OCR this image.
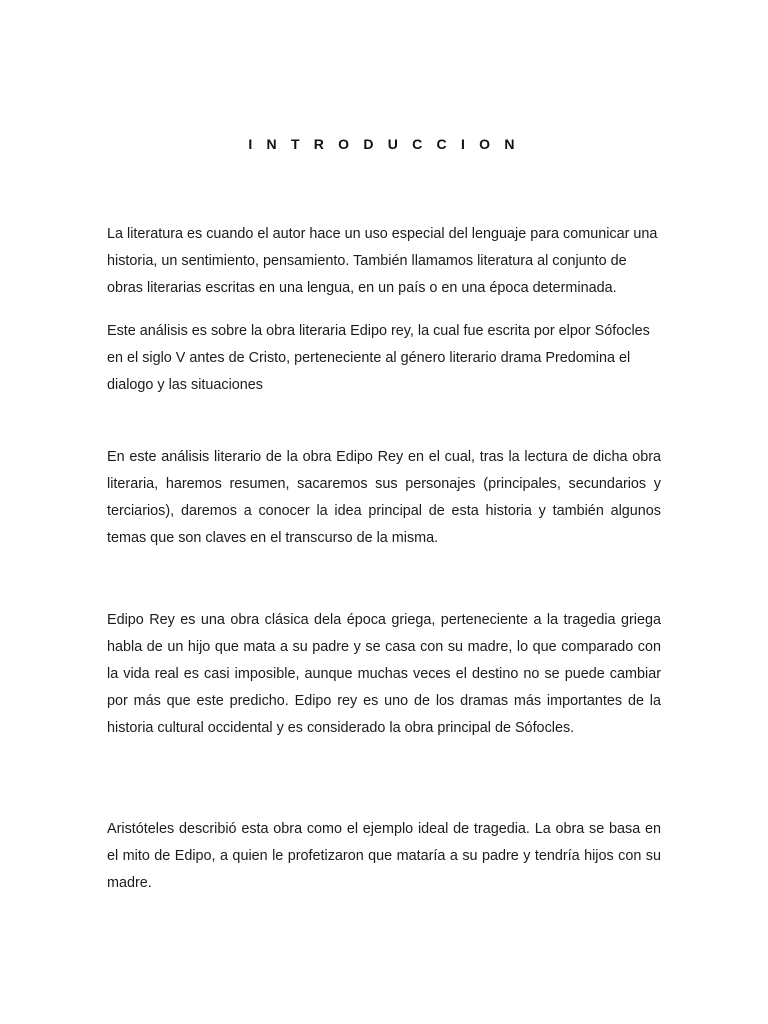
I N T R O D U C C I O N

La literatura es cuando el autor hace un uso especial del lenguaje para comunicar una historia, un sentimiento, pensamiento. También llamamos literatura al conjunto de obras literarias escritas en una lengua, en un país o en una época determinada.

Este análisis es sobre la obra literaria Edipo rey, la cual fue escrita por elpor Sófocles en el siglo V antes de Cristo, perteneciente al género literario drama Predomina el dialogo y las situaciones

En este análisis literario de la obra Edipo Rey en el cual, tras la lectura de dicha obra literaria, haremos resumen, sacaremos sus personajes (principales, secundarios y terciarios), daremos a conocer la idea principal de esta historia y también algunos temas que son claves en el transcurso de la misma.

Edipo Rey es una obra clásica dela época griega, perteneciente a la tragedia griega habla de un hijo que mata a su padre y se casa con su madre, lo que comparado con la vida real es casi imposible, aunque muchas veces el destino no se puede cambiar por más que este predicho. Edipo rey es uno de los dramas más importantes de la historia cultural occidental y es considerado la obra principal de Sófocles.

Aristóteles describió esta obra como el ejemplo ideal de tragedia. La obra se basa en el mito de Edipo, a quien le profetizaron que mataría a su padre y tendría hijos con su madre.
